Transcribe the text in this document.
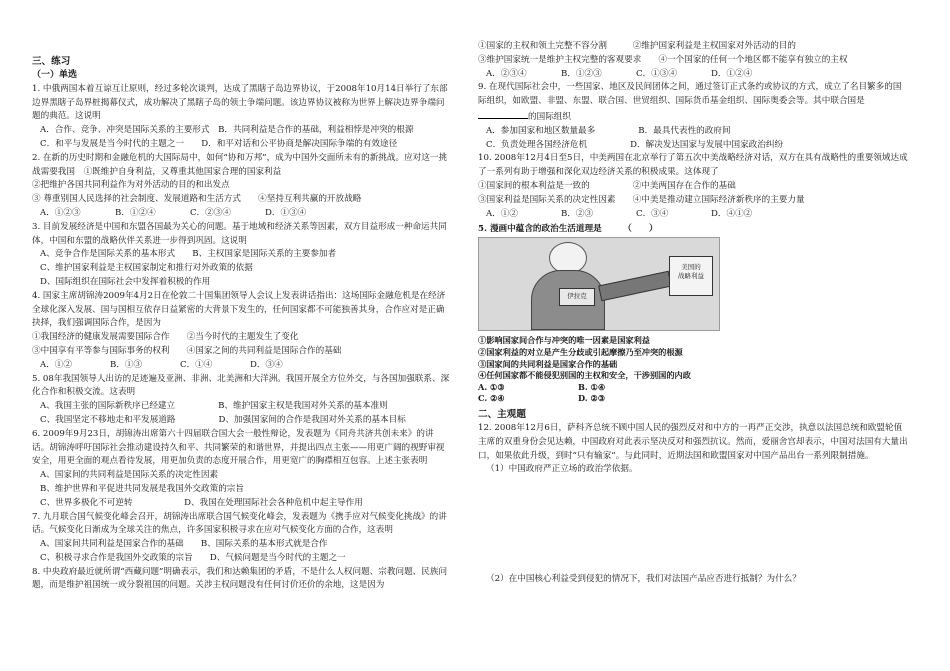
三、练习
（一）单选

1. 中俄两国本着互谅互让原则，经过多轮次谈判，达成了黑瞎子岛边界协议，于2008年10月14日举行了东部边界黑瞎子岛界桩揭幕仪式，成功解决了黑瞎子岛的领土争端问题。该边界协议被称为世界上解决边界争端问题的典范。这说明

A．合作、竞争、冲突是国际关系的主要形式　B．共同利益是合作的基础，利益相悖是冲突的根源

C．和平与发展是当今时代的主题之一　　D．和平对话和公平协商是解决国际争端的有效途径

2. 在新的历史时期和金融危机的大国际局中，如何“协和万邦”，成为中国外交面所未有的新挑战。应对这一挑战需要我国　①既维护自身利益，又尊重其他国家合理的国家利益

②把维护各国共同利益作为对外活动的目的和出发点

③ 尊重别国人民选择的社会制度、发展道路和生活方式　　④坚持互利共赢的开放战略

A．①②③	B．①②④	C．②③④	D．①③④

3. 目前发展经济是中国和东盟各国最为关心的问题。基于地域和经济关系等因素，双方目益形成一种命运共同体，中国和东盟的战略伙伴关系进一步得到巩固。这说明

A、竞争合作是国际关系的基本形式　　B、主权国家是国际关系的主要参加者

C、维护国家利益是主权国家制定和推行对外政策的依据

D、国际组织在国际社会中发挥着积极的作用

4. 国家主席胡锦涛2009年4月2日在伦敦二十国集团领导人会议上发表讲话指出：这场国际金融危机是在经济全球化深入发展、国与国相互依存日益紧密的大背景下发生的，任何国家都不可能独善其身，合作应对是正确抉择，我们强调国际合作，是因为

①我国经济的健康发展需要国际合作　　②当今时代的主题发生了变化

③中国享有平等参与国际事务的权利　　④国家之间的共同利益是国际合作的基础

A．①②	B．①③	C．①④	D．③④

5. 08年我国领导人出访的足迹遍及亚洲、非洲、北美洲和大洋洲。我国开展全方位外交，与各国加强联系、深化合作和积极交流。这表明

A、我国主张的国际新秩序已经建立　　　　　B、维护国家主权是我国对外关系的基本准则

C、我国坚定不移地走和平发展道路　　　　　D、加强国家间的合作是我国对外关系的基本目标

6. 2009年9月23日，胡锦涛出席第六十四届联合国大会一般性辩论，发表题为《同舟共济共创未来》的讲话。胡锦涛呼吁国际社会推动建设持久和平、共同繁荣的和谐世界，并提出四点主张——用更广阔的视野审视安全，用更全面的观点看待发展，用更加负责的态度开展合作，用更宽广的胸襟相互包容。上述主张表明

A、国家间的共同利益是国际关系的决定性因素

B、维护世界和平促进共同发展是我国外交政策的宗旨

C、世界多极化不可逆转　　　　　　D、我国在处理国际社会各种危机中起主导作用

7. 九月联合国气候变化峰会召开，胡锦涛出席联合国气候变化峰会，发表题为《携手应对气候变化挑战》的讲话。气候变化日渐成为全球关注的焦点，许多国家积极寻求在应对气候变化方面的合作，这表明

A、国家间共同利益是国家合作的基础　　B、国际关系的基本形式就是合作

C、积极寻求合作是我国外交政策的宗旨　　D、气候问题是当今时代的主题之一

8. 中央政府最近就所谓“西藏问题”明确表示，我们和达赖集团的矛盾，不是什么人权问题、宗教问题、民族问题，而是维护祖国统一或分裂祖国的问题。关涉主权问题没有任何讨价还价的余地，这是因为

①国家的主权和领土完整不容分割　　　②维护国家利益是主权国家对外活动的目的

③维护国家统一是维护主权完整的客观要求　　④一个国家的任何一个地区都不能享有独立的主权

A．②③④	B．①②③	C．①③④	D．①②④

9. 在现代国际社会中，一些国家、地区及民间团体之间，通过签订正式条约或协议的方式，成立了名目繁多的国际组织，如欧盟、非盟、东盟、联合国、世贸组织、国际货币基金组织、国际奥委会等。其中联合国是的国际组织

A．参加国家和地区数量最多　　　　　B．最具代表性的政府间

C．负责处理各国经济危机　　　　　D．解决发达国家与发展中国家政治纠纷

10. 2008年12月4日至5日，中美两国在北京举行了第五次中美战略经济对话，双方在具有战略性的重要领域达成了一系列有助于增强和深化双边经济关系的积极成果。这体现了

①国家间的根本利益是一致的　　　　　②中美两国存在合作的基础

③国家利益是国际关系的决定性因素　　④中美是推动建立国际经济新秩序的主要力量

A．①②	B．②③	C．③④	D．④①②
5. 漫画中蕴含的政治生活道理是　　　（　　）
伊拉克
美国的
战略利益
①影响国家间合作与冲突的唯一因素是国家利益
②国家利益的对立是产生分歧或引起摩擦乃至冲突的根源
③国家间的共同利益是国家合作的基础
④任何国家都不能侵犯别国的主权和安全，干涉别国的内政
A. ①③	B. ①④
C. ②④	D. ②③
二、主观题

12. 2008年12月6日，萨科齐总统不顾中国人民的强烈反对和中方的一再严正交涉，执意以法国总统和欧盟轮值主席的双重身份会见达赖，中国政府对此表示坚决反对和强烈抗议。然而，爱丽舍宫却表示，中国对法国有大量出口，如果依此升级，到时“只有输家”。与此同时，近期法国和欧盟国家对中国产品出台一系列限制措施。

（1）中国政府严正立场的政治学依据。

（2）在中国核心利益受到侵犯的情况下，我们对法国产品应否进行抵制？为什么？
